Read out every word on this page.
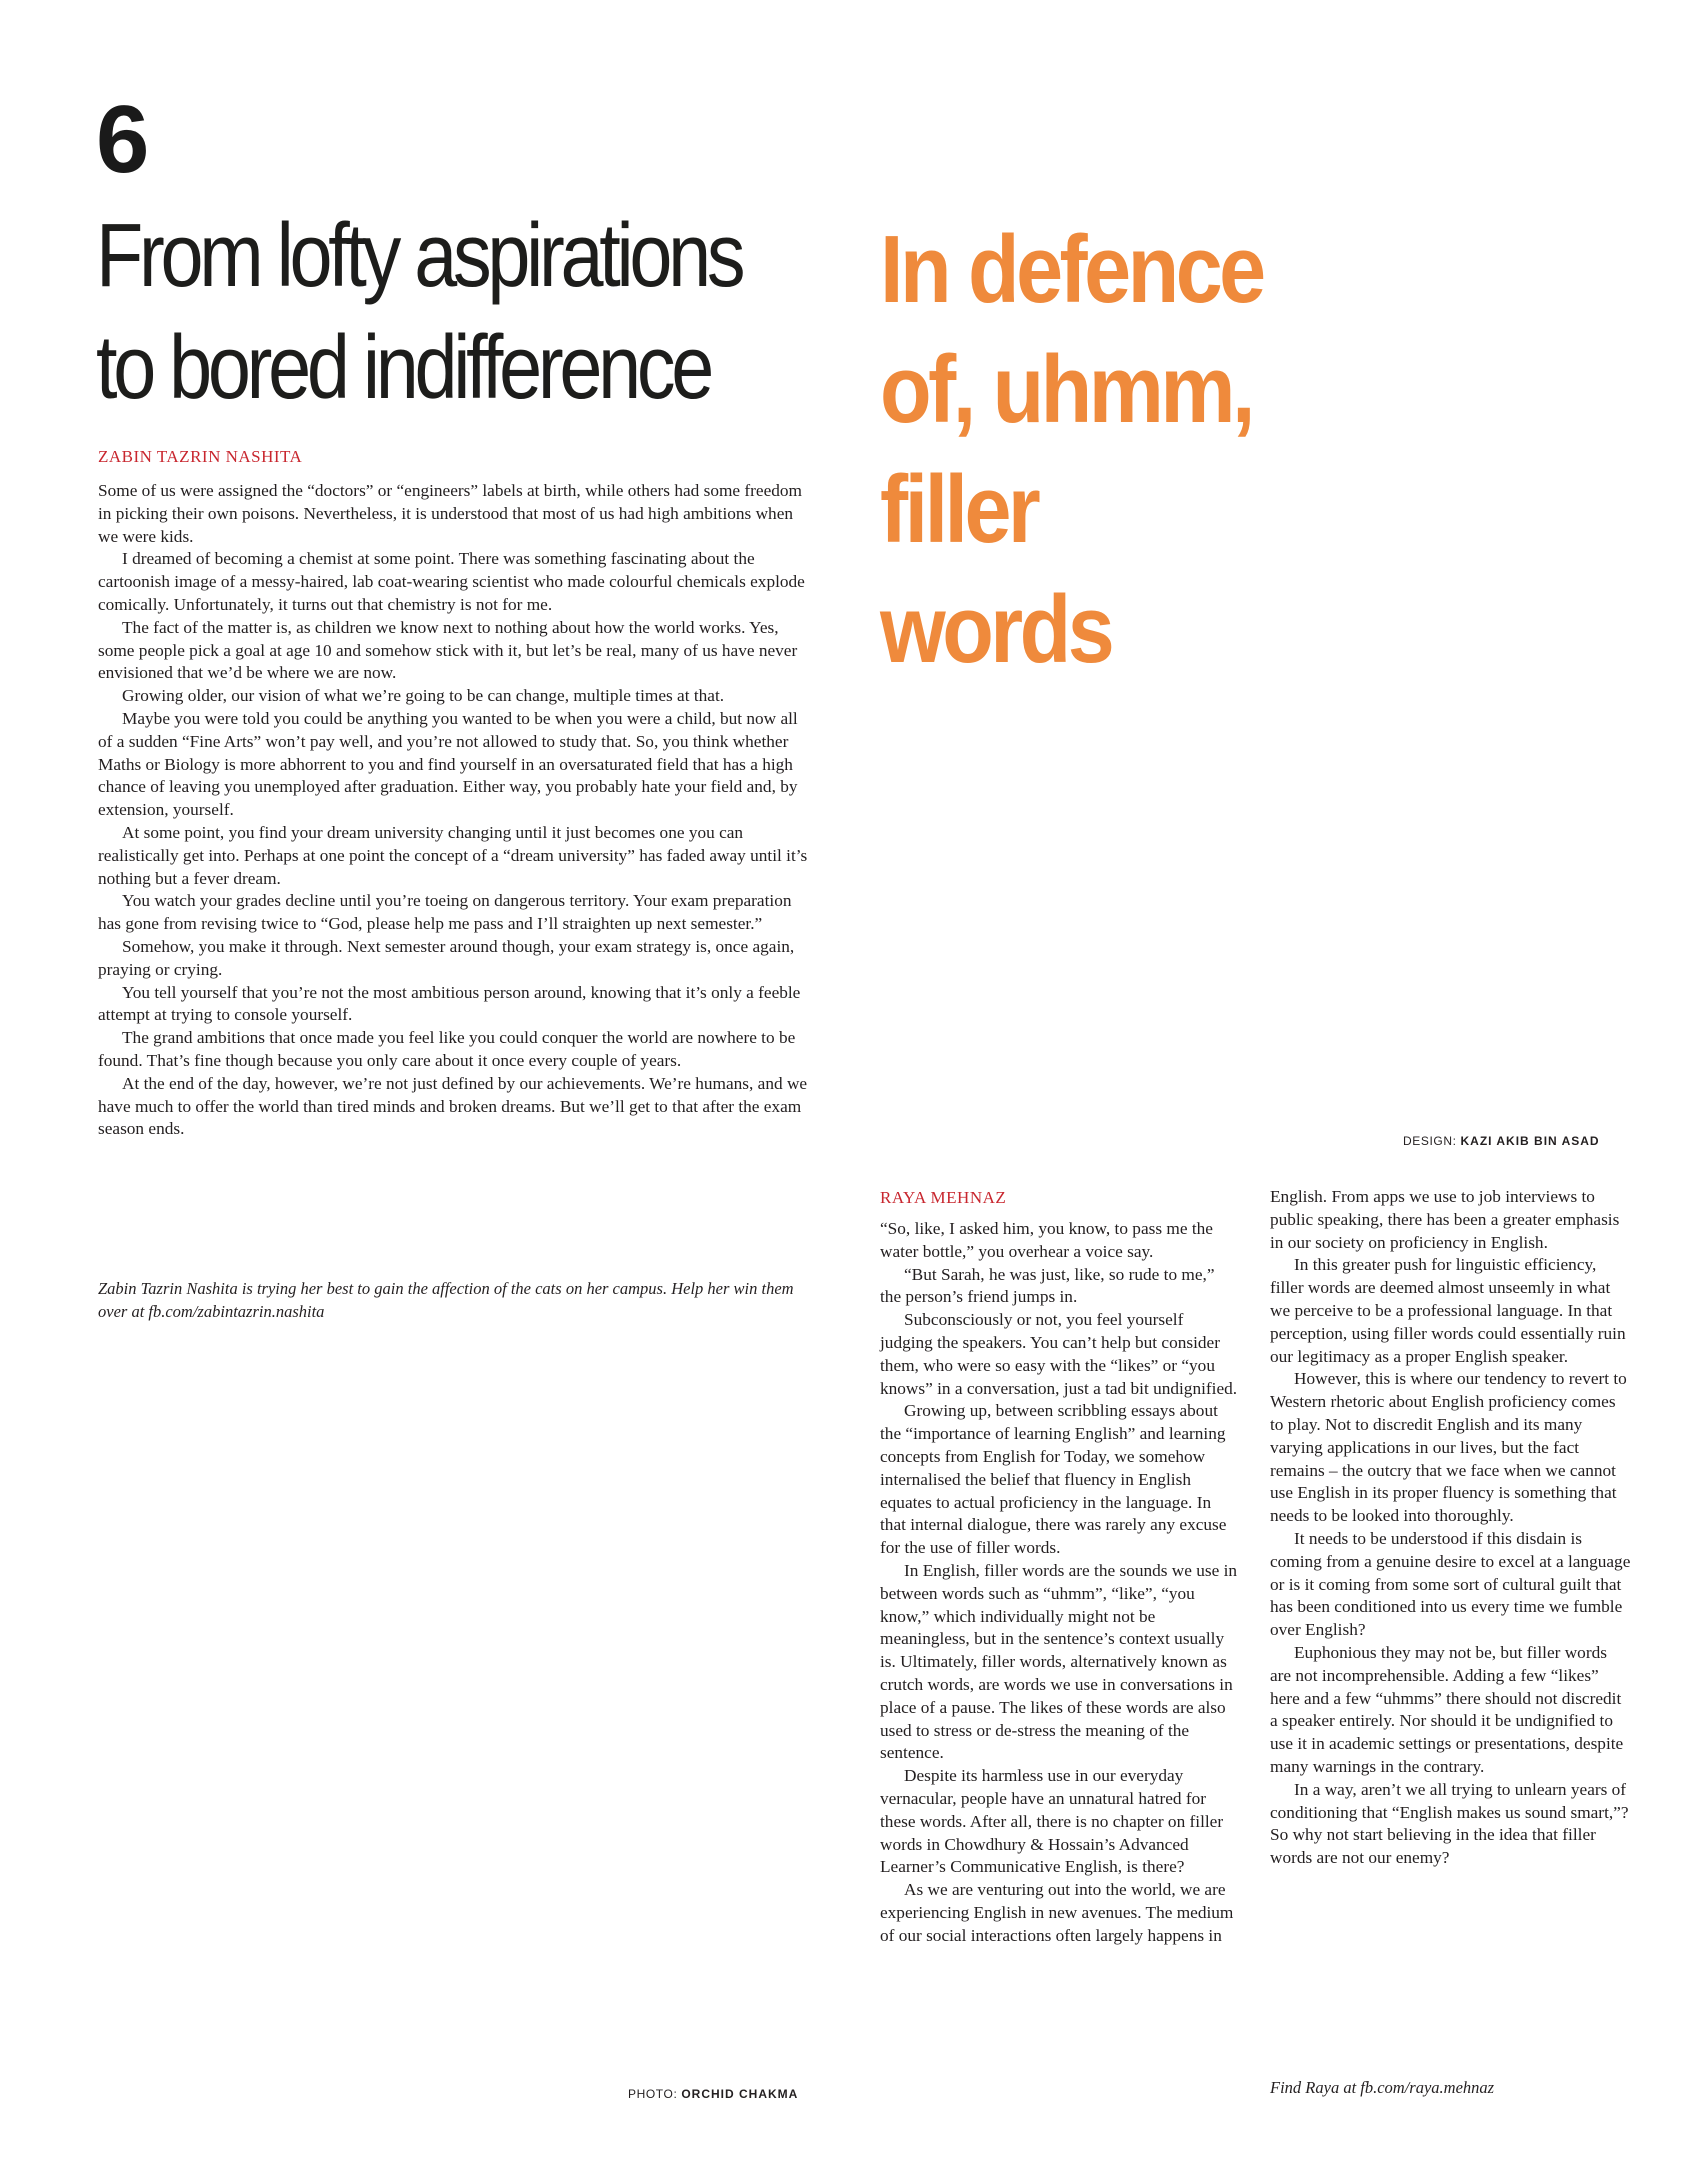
6
From lofty aspirations
to bored indifference

ZABIN TAZRIN NASHITA

Some of us were assigned the “doctors” or “engineers” labels at birth, while others had some freedom in picking their own poisons. Nevertheless, it is understood that most of us had high ambitions when we were kids.

I dreamed of becoming a chemist at some point. There was something fascinating about the cartoonish image of a messy-haired, lab coat-wearing scientist who made colourful chemicals explode comically. Unfortunately, it turns out that chemistry is not for me.

The fact of the matter is, as children we know next to nothing about how the world works. Yes, some people pick a goal at age 10 and somehow stick with it, but let’s be real, many of us have never envisioned that we’d be where we are now.

Growing older, our vision of what we’re going to be can change, multiple times at that.

Maybe you were told you could be anything you wanted to be when you were a child, but now all of a sudden “Fine Arts” won’t pay well, and you’re not allowed to study that. So, you think whether Maths or Biology is more abhorrent to you and find yourself in an oversaturated field that has a high chance of leaving you unemployed after graduation. Either way, you probably hate your field and, by extension, yourself.

At some point, you find your dream university changing until it just becomes one you can realistically get into. Perhaps at one point the concept of a “dream university” has faded away until it’s nothing but a fever dream.

You watch your grades decline until you’re toeing on dangerous territory. Your exam preparation has gone from revising twice to “God, please help me pass and I’ll straighten up next semester.”

Somehow, you make it through. Next semester around though, your exam strategy is, once again, praying or crying.

You tell yourself that you’re not the most ambitious person around, knowing that it’s only a feeble attempt at trying to console yourself.

The grand ambitions that once made you feel like you could conquer the world are nowhere to be found. That’s fine though because you only care about it once every couple of years.

At the end of the day, however, we’re not just defined by our achievements. We’re humans, and we have much to offer the world than tired minds and broken dreams. But we’ll get to that after the exam season ends.

Zabin Tazrin Nashita is trying her best to gain the affection of the cats on her campus. Help her win them over at fb.com/zabintazrin.nashita

PHOTO: ORCHID CHAKMA
In defence
of, uhmm,
filler
words
DESIGN: KAZI AKIB BIN ASAD

RAYA MEHNAZ

“So, like, I asked him, you know, to pass me the water bottle,” you overhear a voice say.

“But Sarah, he was just, like, so rude to me,” the person’s friend jumps in.

Subconsciously or not, you feel yourself judging the speakers. You can’t help but consider them, who were so easy with the “likes” or “you knows” in a conversation, just a tad bit undignified.

Growing up, between scribbling essays about the “importance of learning English” and learning concepts from English for Today, we somehow internalised the belief that fluency in English equates to actual proficiency in the language. In that internal dialogue, there was rarely any excuse for the use of filler words.

In English, filler words are the sounds we use in between words such as “uhmm”, “like”, “you know,” which individually might not be meaningless, but in the sentence’s context usually is. Ultimately, filler words, alternatively known as crutch words, are words we use in conversations in place of a pause. The likes of these words are also used to stress or de-stress the meaning of the sentence.

Despite its harmless use in our everyday vernacular, people have an unnatural hatred for these words. After all, there is no chapter on filler words in Chowdhury & Hossain’s Advanced Learner’s Communicative English, is there?

As we are venturing out into the world, we are experiencing English in new avenues. The medium of our social interactions often largely happens in

English. From apps we use to job interviews to public speaking, there has been a greater emphasis in our society on proficiency in English.

In this greater push for linguistic efficiency, filler words are deemed almost unseemly in what we perceive to be a professional language. In that perception, using filler words could essentially ruin our legitimacy as a proper English speaker.

However, this is where our tendency to revert to Western rhetoric about English proficiency comes to play. Not to discredit English and its many varying applications in our lives, but the fact remains – the outcry that we face when we cannot use English in its proper fluency is something that needs to be looked into thoroughly.

It needs to be understood if this disdain is coming from a genuine desire to excel at a language or is it coming from some sort of cultural guilt that has been conditioned into us every time we fumble over English?

Euphonious they may not be, but filler words are not incomprehensible. Adding a few “likes” here and a few “uhmms” there should not discredit a speaker entirely. Nor should it be undignified to use it in academic settings or presentations, despite many warnings in the contrary.

In a way, aren’t we all trying to unlearn years of conditioning that “English makes us sound smart,”? So why not start believing in the idea that filler words are not our enemy?

Find Raya at fb.com/raya.mehnaz
